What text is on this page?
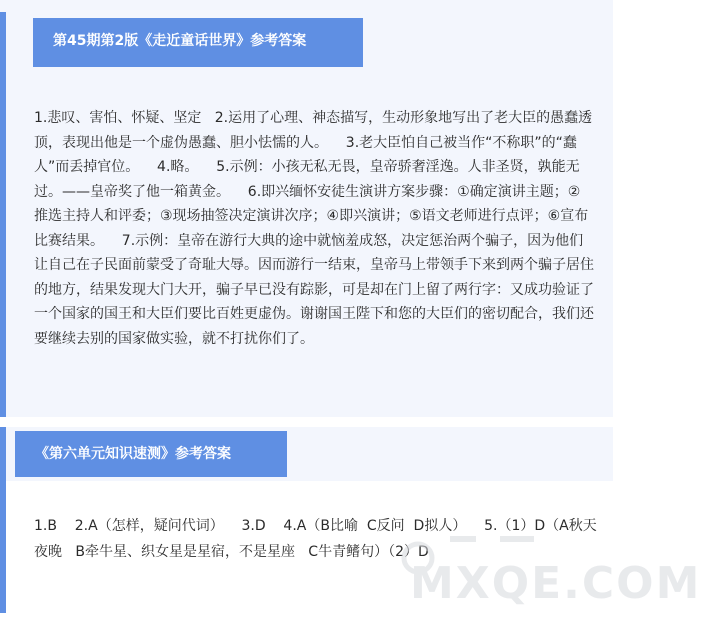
第45期第2版《走近童话世界》参考答案
1.悲叹、害怕、怀疑、坚定   2.运用了心理、神态描写，生动形象地写出了老大臣的愚蠢透顶，表现出他是一个虚伪愚蠢、胆小怯懦的人。    3.老大臣怕自己被当作“不称职”的“蠢人”而丢掉官位。    4.略。    5.示例：小孩无私无畏，皇帝骄奢淫逸。人非圣贤，孰能无过。——皇帝奖了他一箱黄金。    6.即兴缅怀安徒生演讲方案步骤：①确定演讲主题；②推选主持人和评委；③现场抽签决定演讲次序；④即兴演讲；⑤语文老师进行点评；⑥宣布比赛结果。    7.示例：皇帝在游行大典的途中就恼羞成怒，决定惩治两个骗子，因为他们让自己在子民面前蒙受了奇耻大辱。因而游行一结束，皇帝马上带领手下来到两个骗子居住的地方，结果发现大门大开，骗子早已没有踪影，可是却在门上留了两行字：又成功验证了一个国家的国王和大臣们要比百姓更虚伪。谢谢国王陛下和您的大臣们的密切配合，我们还要继续去别的国家做实验，就不打扰你们了。
《第六单元知识速测》参考答案
1.B    2.A（怎样，疑问代词）    3.D    4.A（B比喻  C反问  D拟人）    5.（1）D（A秋天夜晚   B牵牛星、织女星是星宿，不是星座   C牛青鳍句）（2）D
MXQE.COM
